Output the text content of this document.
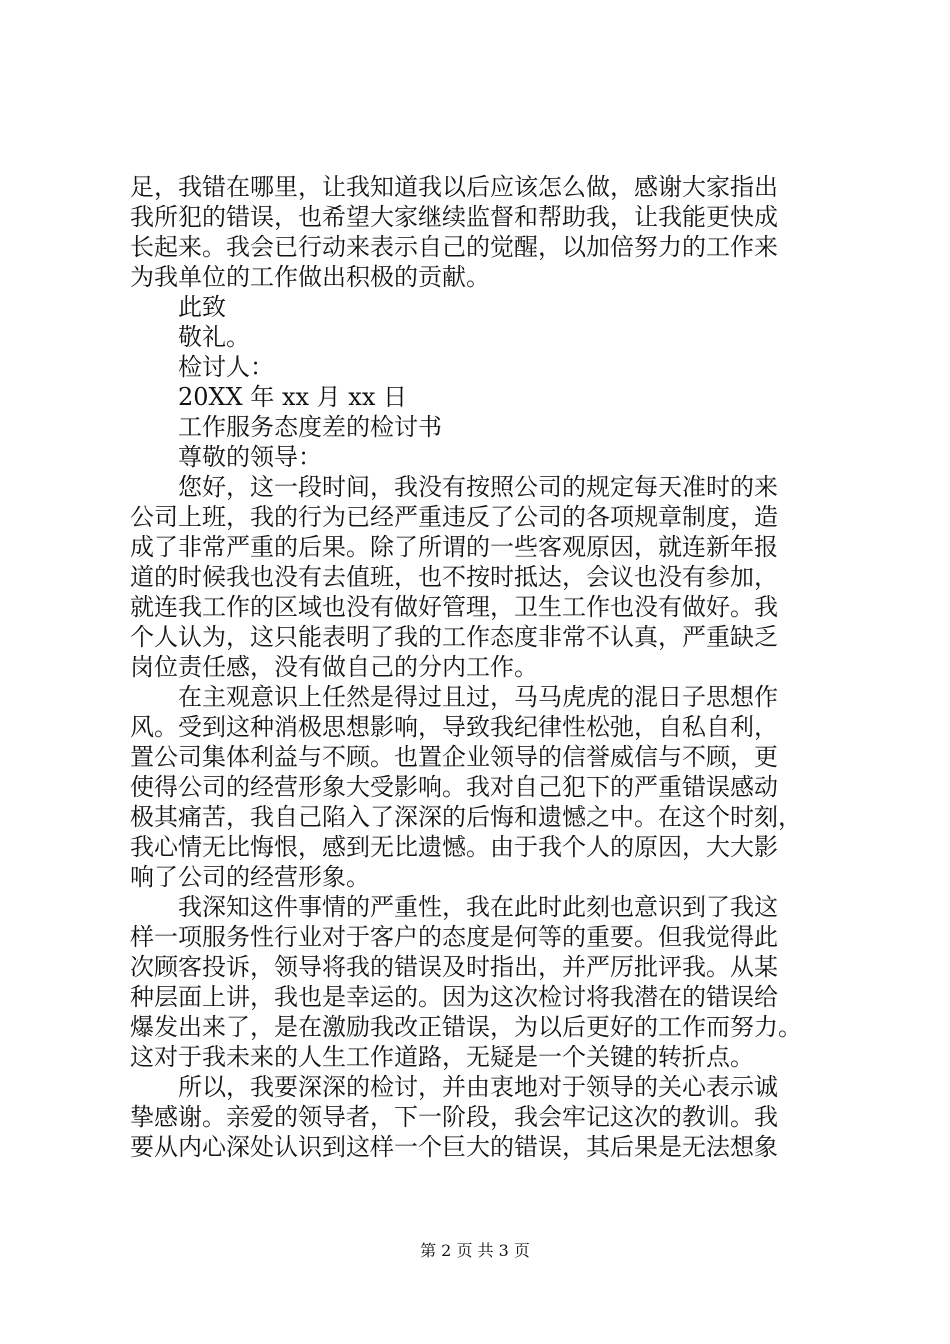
足，我错在哪里，让我知道我以后应该怎么做，感谢大家指出
我所犯的错误，也希望大家继续监督和帮助我，让我能更快成
长起来。我会已行动来表示自己的觉醒，以加倍努力的工作来
为我单位的工作做出积极的贡献。
此致
敬礼。
检讨人：
20XX 年 xx 月 xx 日
工作服务态度差的检讨书
尊敬的领导：
您好，这一段时间，我没有按照公司的规定每天准时的来
公司上班，我的行为已经严重违反了公司的各项规章制度，造
成了非常严重的后果。除了所谓的一些客观原因，就连新年报
道的时候我也没有去值班，也不按时抵达，会议也没有参加，
就连我工作的区域也没有做好管理，卫生工作也没有做好。我
个人认为，这只能表明了我的工作态度非常不认真，严重缺乏
岗位责任感，没有做自己的分内工作。
在主观意识上任然是得过且过，马马虎虎的混日子思想作
风。受到这种消极思想影响，导致我纪律性松弛，自私自利，
置公司集体利益与不顾。也置企业领导的信誉威信与不顾，更
使得公司的经营形象大受影响。我对自己犯下的严重错误感动
极其痛苦，我自己陷入了深深的后悔和遗憾之中。在这个时刻，
我心情无比悔恨，感到无比遗憾。由于我个人的原因，大大影
响了公司的经营形象。
我深知这件事情的严重性，我在此时此刻也意识到了我这
样一项服务性行业对于客户的态度是何等的重要。但我觉得此
次顾客投诉，领导将我的错误及时指出，并严厉批评我。从某
种层面上讲，我也是幸运的。因为这次检讨将我潜在的错误给
爆发出来了，是在激励我改正错误，为以后更好的工作而努力。
这对于我未来的人生工作道路，无疑是一个关键的转折点。
所以，我要深深的检讨，并由衷地对于领导的关心表示诚
挚感谢。亲爱的领导者，下一阶段，我会牢记这次的教训。我
要从内心深处认识到这样一个巨大的错误，其后果是无法想象
第 2 页 共 3 页
